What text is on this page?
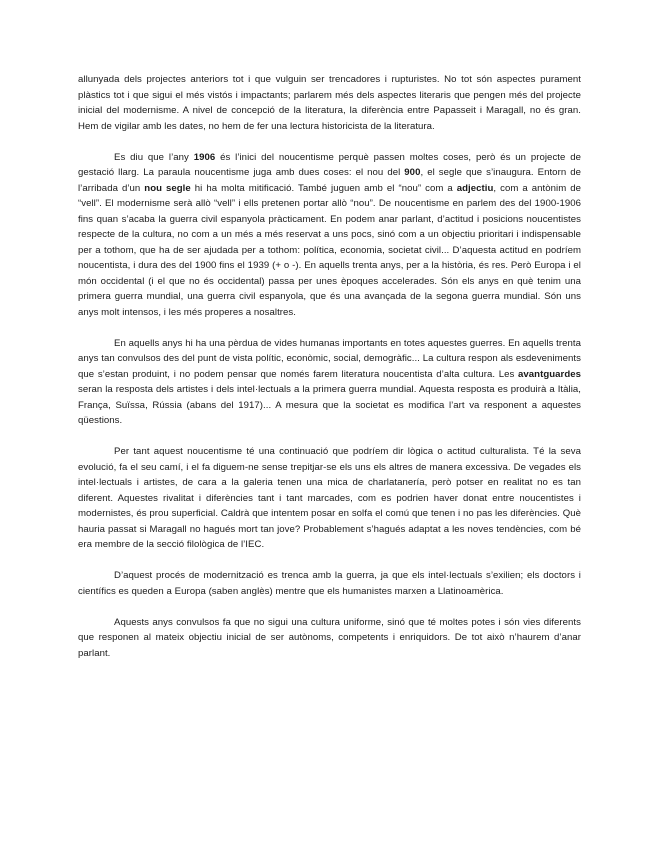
allunyada dels projectes anteriors tot i que vulguin ser trencadores i rupturistes. No tot són aspectes purament plàstics tot i que sigui el més vistós i impactants; parlarem més dels aspectes literaris que pengen més del projecte inicial del modernisme. A nivel de concepció de la literatura, la diferència entre Papasseit i Maragall, no és gran. Hem de vigilar amb les dates, no hem de fer una lectura historicista de la literatura.

Es diu que l’any 1906 és l’inici del noucentisme perquè passen moltes coses, però és un projecte de gestació llarg. La paraula noucentisme juga amb dues coses: el nou del 900, el segle que s’inaugura. Entorn de l’arribada d’un nou segle hi ha molta mitificació. També juguen amb el “nou” com a adjectiu, com a antònim de “vell”. El modernisme serà allò “vell” i ells pretenen portar allò “nou”. De noucentisme en parlem des del 1900-1906 fins quan s’acaba la guerra civil espanyola pràcticament. En podem anar parlant, d’actitud i posicions noucentistes respecte de la cultura, no com a un més a més reservat a uns pocs, sinó com a un objectiu prioritari i indispensable per a tothom, que ha de ser ajudada per a tothom: política, economia, societat civil... D’aquesta actitud en podríem noucentista, i dura des del 1900 fins el 1939 (+ o -). En aquells trenta anys, per a la història, és res. Però Europa i el món occidental (i el que no és occidental) passa per unes èpoques accelerades. Són els anys en què tenim una primera guerra mundial, una guerra civil espanyola, que és una avançada de la segona guerra mundial. Són uns anys molt intensos, i les més properes a nosaltres.

En aquells anys hi ha una pèrdua de vides humanas importants en totes aquestes guerres. En aquells trenta anys tan convulsos des del punt de vista polític, econòmic, social, demogràfic... La cultura respon als esdeveniments que s’estan produint, i no podem pensar que només farem literatura noucentista d’alta cultura. Les avantguardes seran la resposta dels artistes i dels intel·lectuals a la primera guerra mundial. Aquesta resposta es produirà a Itàlia, França, Suïssa, Rússia (abans del 1917)... A mesura que la societat es modifica l’art va responent a aquestes qüestions.

Per tant aquest noucentisme té una continuació que podríem dir lògica o actitud culturalista. Té la seva evolució, fa el seu camí, i el fa diguem-ne sense trepitjar-se els uns els altres de manera excessiva. De vegades els intel·lectuals i artistes, de cara a la galeria tenen una mica de charlatanería, però potser en realitat no es tan diferent. Aquestes rivalitat i diferències tant i tant marcades, com es podrien haver donat entre noucentistes i modernistes, és prou superficial. Caldrà que intentem posar en solfa el comú que tenen i no pas les diferències. Què hauria passat si Maragall no hagués mort tan jove? Probablement s’hagués adaptat a les noves tendències, com bé era membre de la secció filològica de l’IEC.

D’aquest procés de modernització es trenca amb la guerra, ja que els intel·lectuals s’exilien; els doctors i científics es queden a Europa (saben anglès) mentre que els humanistes marxen a Llatinoamèrica.

Aquests anys convulsos fa que no sigui una cultura uniforme, sinó que té moltes potes i són vies diferents que responen al mateix objectiu inicial de ser autònoms, competents i enriquidors. De tot això n’haurem d’anar parlant.
